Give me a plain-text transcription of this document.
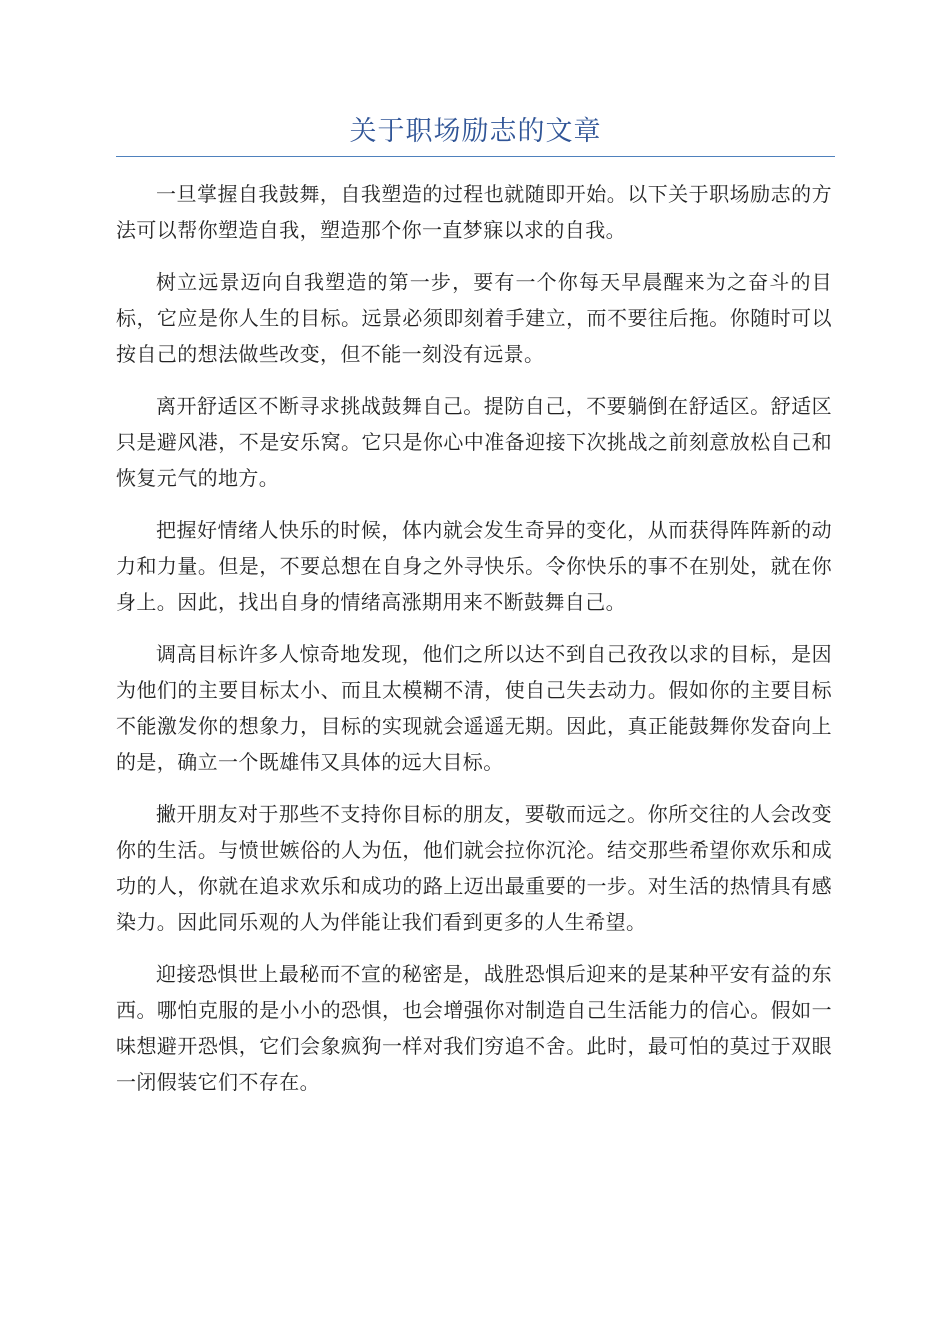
关于职场励志的文章

一旦掌握自我鼓舞，自我塑造的过程也就随即开始。以下关于职场励志的方法可以帮你塑造自我，塑造那个你一直梦寐以求的自我。

树立远景迈向自我塑造的第一步，要有一个你每天早晨醒来为之奋斗的目标，它应是你人生的目标。远景必须即刻着手建立，而不要往后拖。你随时可以按自己的想法做些改变，但不能一刻没有远景。

离开舒适区不断寻求挑战鼓舞自己。提防自己，不要躺倒在舒适区。舒适区只是避风港，不是安乐窝。它只是你心中准备迎接下次挑战之前刻意放松自己和恢复元气的地方。

把握好情绪人快乐的时候，体内就会发生奇异的变化，从而获得阵阵新的动力和力量。但是，不要总想在自身之外寻快乐。令你快乐的事不在别处，就在你身上。因此，找出自身的情绪高涨期用来不断鼓舞自己。

调高目标许多人惊奇地发现，他们之所以达不到自己孜孜以求的目标，是因为他们的主要目标太小、而且太模糊不清，使自己失去动力。假如你的主要目标不能激发你的想象力，目标的实现就会遥遥无期。因此，真正能鼓舞你发奋向上的是，确立一个既雄伟又具体的远大目标。

撇开朋友对于那些不支持你目标的朋友，要敬而远之。你所交往的人会改变你的生活。与愤世嫉俗的人为伍，他们就会拉你沉沦。结交那些希望你欢乐和成功的人，你就在追求欢乐和成功的路上迈出最重要的一步。对生活的热情具有感染力。因此同乐观的人为伴能让我们看到更多的人生希望。

迎接恐惧世上最秘而不宣的秘密是，战胜恐惧后迎来的是某种平安有益的东西。哪怕克服的是小小的恐惧，也会增强你对制造自己生活能力的信心。假如一味想避开恐惧，它们会象疯狗一样对我们穷追不舍。此时，最可怕的莫过于双眼一闭假装它们不存在。
